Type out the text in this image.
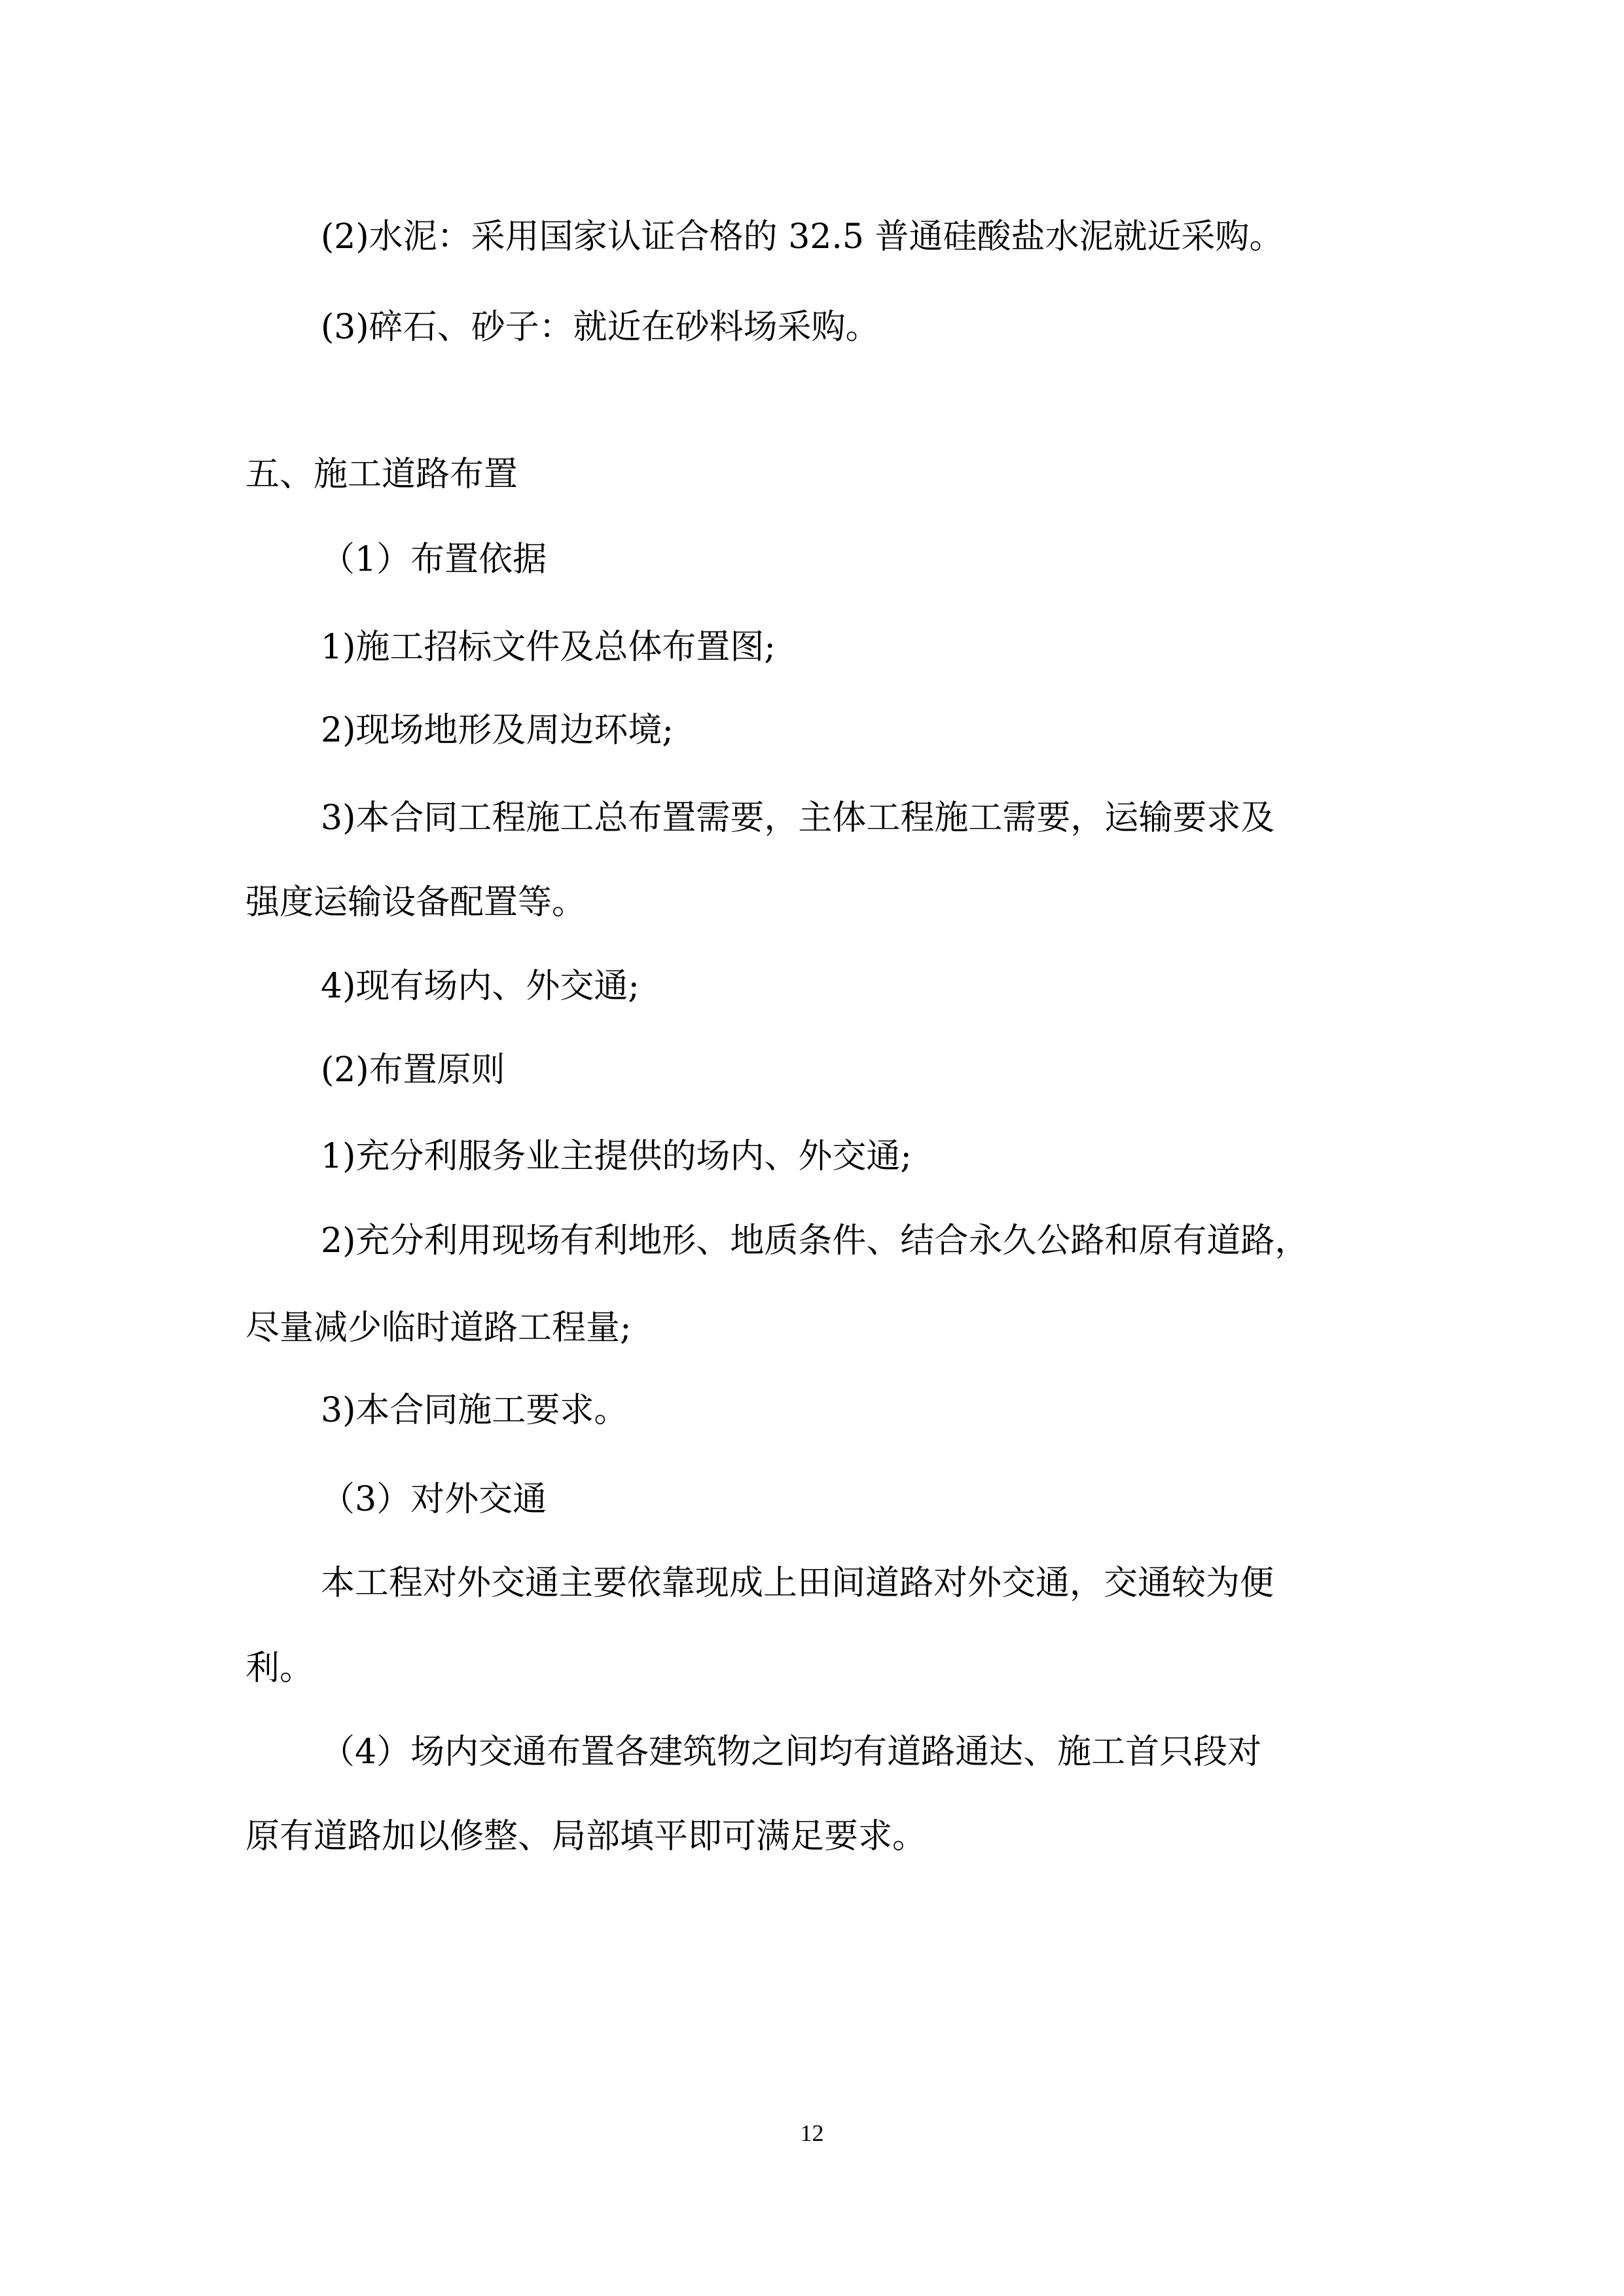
(2)水泥：采用国家认证合格的 32.5 普通硅酸盐水泥就近采购。
(3)碎石、砂子：就近在砂料场采购。
五、施工道路布置
（1）布置依据
1)施工招标文件及总体布置图;
2)现场地形及周边环境;
3)本合同工程施工总布置需要，主体工程施工需要，运输要求及
强度运输设备配置等。
4)现有场内、外交通;
(2)布置原则
1)充分利服务业主提供的场内、外交通;
2)充分利用现场有利地形、地质条件、结合永久公路和原有道路，
尽量减少临时道路工程量;
3)本合同施工要求。
（3）对外交通
本工程对外交通主要依靠现成上田间道路对外交通，交通较为便
利。
（4）场内交通布置各建筑物之间均有道路通达、施工首只段对
原有道路加以修整、局部填平即可满足要求。
12
